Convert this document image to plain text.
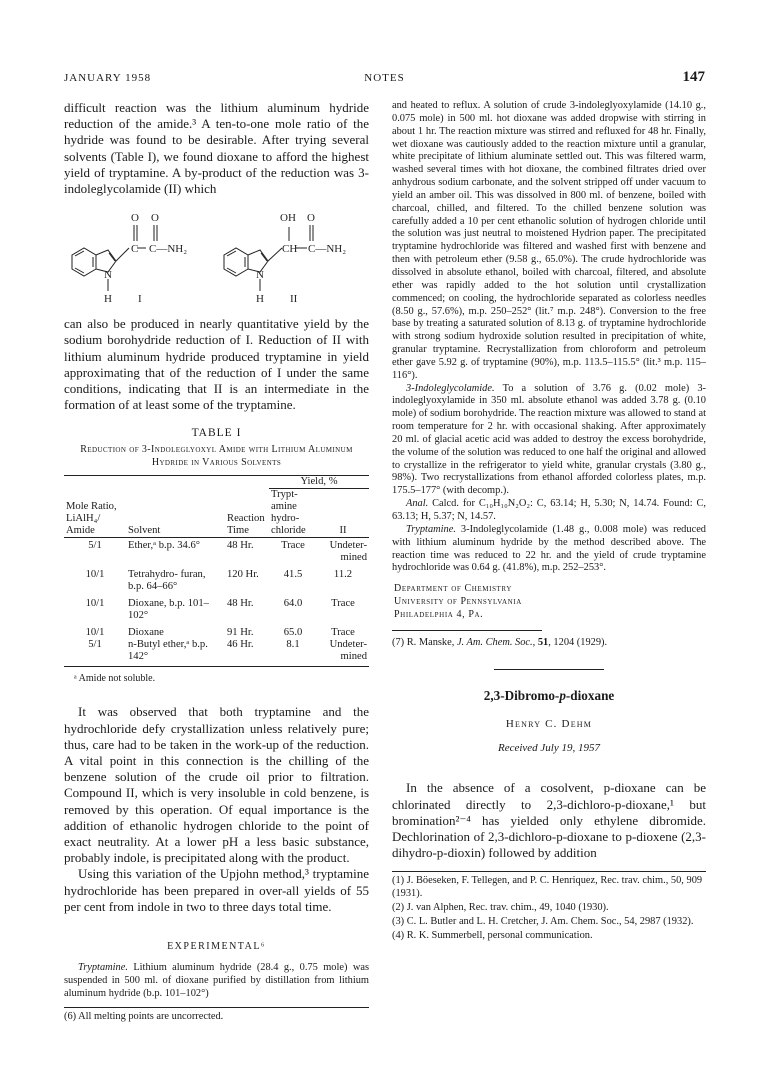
JANUARY 1958	NOTES	147

difficult reaction was the lithium aluminum hydride reduction of the amide.³ A ten-to-one mole ratio of the hydride was found to be desirable. After trying several solvents (Table I), we found dioxane to afford the highest yield of tryptamine. A by-product of the reduction was 3-indoleglycolamide (II) which

O O
C C—NH₂
N
H I
OH O
CH C—NH₂
N
H II

can also be produced in nearly quantitative yield by the sodium borohydride reduction of I. Reduction of II with lithium aluminum hydride produced tryptamine in yield approximating that of the reduction of I under the same conditions, indicating that II is an intermediate in the formation of at least some of the tryptamine.

TABLE I
Reduction of 3-Indoleglyoxyl Amide with Lithium Aluminum Hydride in Various Solvents
Mole Ratio, LiAlH₄/ Amide	Solvent	Reaction Time	Yield, %	
			Trypt- amine hydro- chloride	II
5/1	Ether,ᵃ b.p. 34.6°	48 Hr.	Trace	Undeter- mined
10/1	Tetrahydro- furan, b.p. 64–66°	120 Hr.	41.5	11.2
10/1	Dioxane, b.p. 101–102°	48 Hr.	64.0	Trace
10/1	Dioxane	91 Hr.	65.0	Trace
5/1	n-Butyl ether,ᵃ b.p. 142°	46 Hr.	8.1	Undeter- mined
ᵃ Amide not soluble.

It was observed that both tryptamine and the hydrochloride defy crystallization unless relatively pure; thus, care had to be taken in the work-up of the reduction. A vital point in this connection is the chilling of the benzene solution of the crude oil prior to filtration. Compound II, which is very insoluble in cold benzene, is removed by this operation. Of equal importance is the addition of ethanolic hydrogen chloride to the point of exact neutrality. At a lower pH a less basic substance, probably indole, is precipitated along with the product.

Using this variation of the Upjohn method,³ tryptamine hydrochloride has been prepared in over-all yields of 55 per cent from indole in two to three days total time.

EXPERIMENTAL⁶

Tryptamine. Lithium aluminum hydride (28.4 g., 0.75 mole) was suspended in 500 ml. of dioxane purified by distillation from lithium aluminum hydride (b.p. 101–102°)

(6) All melting points are uncorrected.

and heated to reflux. A solution of crude 3-indoleglyoxylamide (14.10 g., 0.075 mole) in 500 ml. hot dioxane was added dropwise with stirring in about 1 hr. The reaction mixture was stirred and refluxed for 48 hr. Finally, wet dioxane was cautiously added to the reaction mixture until a granular, white precipitate of lithium aluminate settled out. This was filtered warm, washed several times with hot dioxane, the combined filtrates dried over anhydrous sodium carbonate, and the solvent stripped off under vacuum to yield an amber oil. This was dissolved in 800 ml. of benzene, boiled with charcoal, chilled, and filtered. To the chilled benzene solution was carefully added a 10 per cent ethanolic solution of hydrogen chloride until the solution was just neutral to moistened Hydrion paper. The precipitated tryptamine hydrochloride was filtered and washed first with benzene and then with petroleum ether (9.58 g., 65.0%). The crude hydrochloride was dissolved in absolute ethanol, boiled with charcoal, filtered, and absolute ether was rapidly added to the hot solution until crystallization commenced; on cooling, the hydrochloride separated as colorless needles (8.50 g., 57.6%), m.p. 250–252° (lit.⁷ m.p. 248°). Conversion to the free base by treating a saturated solution of 8.13 g. of tryptamine hydrochloride with strong sodium hydroxide solution resulted in precipitation of white, granular tryptamine. Recrystallization from chloroform and petroleum ether gave 5.92 g. of tryptamine (90%), m.p. 113.5–115.5° (lit.³ m.p. 115–116°).

3-Indoleglycolamide. To a solution of 3.76 g. (0.02 mole) 3-indoleglyoxylamide in 350 ml. absolute ethanol was added 3.78 g. (0.10 mole) of sodium borohydride. The reaction mixture was allowed to stand at room temperature for 2 hr. with occasional shaking. After approximately 20 ml. of glacial acetic acid was added to destroy the excess borohydride, the volume of the solution was reduced to one half the original and allowed to crystallize in the refrigerator to yield white, granular crystals (3.80 g., 98%). Two recrystallizations from ethanol afforded colorless plates, m.p. 175.5–177° (with decomp.).

Anal. Calcd. for C₁₀H₁₀N₂O₂: C, 63.14; H, 5.30; N, 14.74. Found: C, 63.13; H, 5.37; N, 14.57.

Tryptamine. 3-Indoleglycolamide (1.48 g., 0.008 mole) was reduced with lithium aluminum hydride by the method described above. The reaction time was reduced to 22 hr. and the yield of crude tryptamine hydrochloride was 0.64 g. (41.8%), m.p. 252–253°.

Department of Chemistry
University of Pennsylvania
Philadelphia 4, Pa.
(7) R. Manske, J. Am. Chem. Soc., 51, 1204 (1929).
2,3-Dibromo-p-dioxane
Henry C. Dehm
Received July 19, 1957

In the absence of a cosolvent, p-dioxane can be chlorinated directly to 2,3-dichloro-p-dioxane,¹ but bromination²⁻⁴ has yielded only ethylene dibromide. Dechlorination of 2,3-dichloro-p-dioxane to p-dioxene (2,3-dihydro-p-dioxin) followed by addition

(1) J. Böeseken, F. Tellegen, and P. C. Henriquez, Rec. trav. chim., 50, 909 (1931).

(2) J. van Alphen, Rec. trav. chim., 49, 1040 (1930).

(3) C. L. Butler and L. H. Cretcher, J. Am. Chem. Soc., 54, 2987 (1932).

(4) R. K. Summerbell, personal communication.
